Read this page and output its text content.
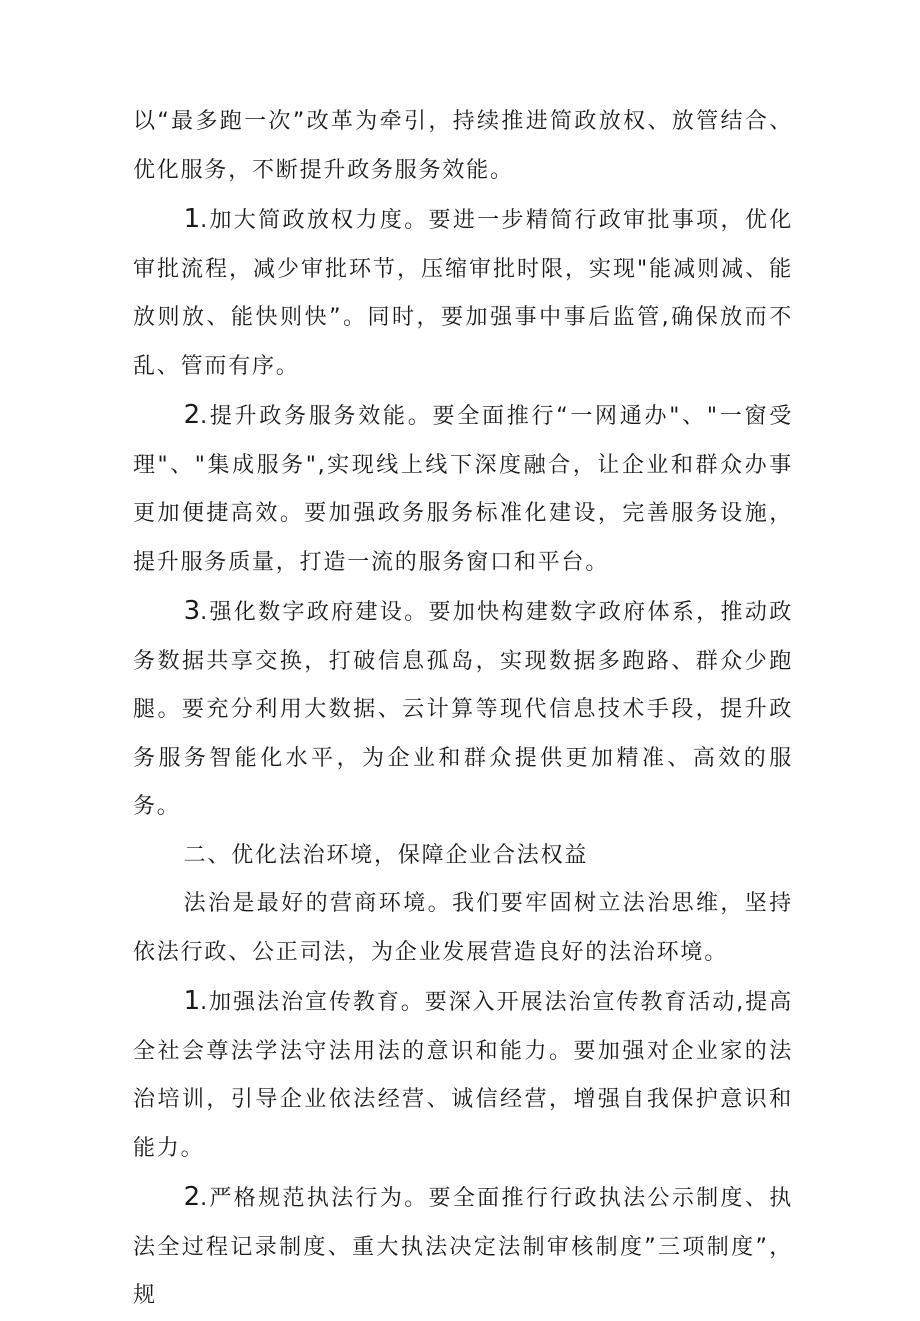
以“最多跑一次”改革为牵引，持续推进简政放权、放管结合、优化服务，不断提升政务服务效能。

1.加大简政放权力度。要进一步精简行政审批事项，优化审批流程，减少审批环节，压缩审批时限，实现"能减则减、能放则放、能快则快”。同时，要加强事中事后监管,确保放而不乱、管而有序。

2.提升政务服务效能。要全面推行“一网通办"、"一窗受理"、"集成服务",实现线上线下深度融合，让企业和群众办事更加便捷高效。要加强政务服务标准化建设，完善服务设施，提升服务质量，打造一流的服务窗口和平台。

3.强化数字政府建设。要加快构建数字政府体系，推动政务数据共享交换，打破信息孤岛，实现数据多跑路、群众少跑腿。要充分利用大数据、云计算等现代信息技术手段，提升政务服务智能化水平，为企业和群众提供更加精准、高效的服务。

二、优化法治环境，保障企业合法权益

法治是最好的营商环境。我们要牢固树立法治思维，坚持依法行政、公正司法，为企业发展营造良好的法治环境。

1.加强法治宣传教育。要深入开展法治宣传教育活动,提高全社会尊法学法守法用法的意识和能力。要加强对企业家的法治培训，引导企业依法经营、诚信经营，增强自我保护意识和能力。

2.严格规范执法行为。要全面推行行政执法公示制度、执法全过程记录制度、重大执法决定法制审核制度”三项制度”，规
